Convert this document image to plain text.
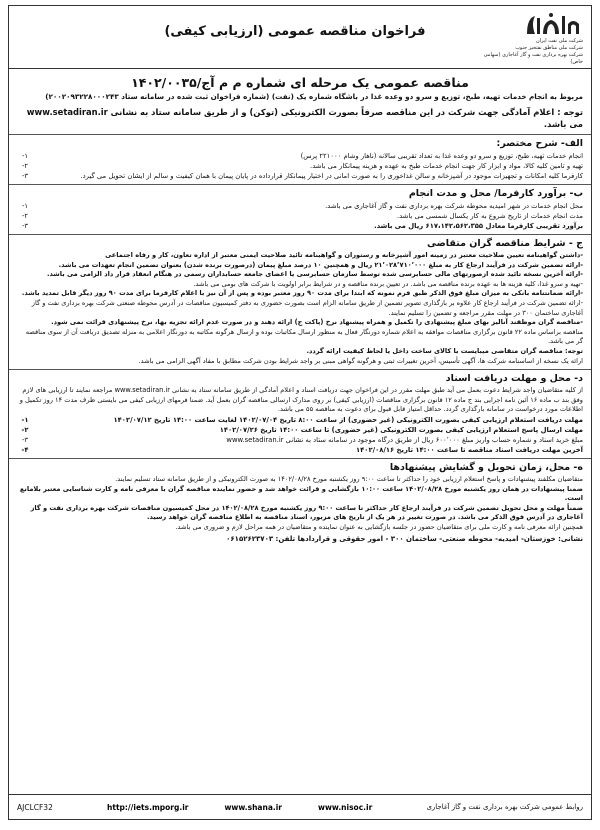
شرکت ملی نفت ایران
شرکت ملی مناطق نفتخیز جنوب
شرکت بهره برداری نفت و گاز آغاجاری (سهامی خاص)
فراخوان مناقصه عمومی (ارزیابی کیفی)
مناقصه عمومی یک مرحله ای شماره م م آج/۱۴۰۲/۰۰۳۵
مربوط به انجام خدمات تهیه، طبخ، توزیع و سرو دو وعده غذا در باشگاه شماره یک (نفت) (شماره فراخوان ثبت شده در سامانه ستاد ۲۰۰۲۰۹۳۲۲۸۰۰۰۲۴۳)
توجه : اعلام آمادگی جهت شرکت در این مناقصه صرفاً بصورت الکترونیکی (توکن) و از طریق سامانه ستاد به نشانی www.setadiran.ir می باشد.
الف- شرح مختصر:
۱-	انجام خدمات تهیه، طبخ، توزیع و سرو دو وعده غذا به تعداد تقریبی سالانه (ناهار وشام ۲۲۱۰۰۰ پرس)
۲-	تهیه و تامین کلیه کالا، مواد و ابزار کار جهت انجام خدمات طبخ به عهده و هزینه پیمانکار می باشد.
۳-	کارفرما کلیه امکانات و تجهیزات موجود در آشپزخانه و سالن غذاخوری را به صورت امانی در اختیار پیمانکار قرارداده در پایان پیمان با همان کیفیت و سالم از ایشان تحویل می گیرد.
ب- برآورد کارفرما/ محل و مدت انجام
۱-	محل انجام خدمات در شهر امیدیه محوطه شرکت بهره برداری نفت و گاز آغاجاری می باشد.
۲-	مدت انجام خدمات از تاریخ شروع به کار یکسال شمسی می باشد.
۳-	برآورد تقریبی کارفرما معادل ۶۱۷،۱۴۲،۵۶۲،۳۵۵ ریال می باشد.
ج - شرایط مناقصه گران متقاضی

-داشتن گواهینامه تعیین صلاحیت معتبر در زمینه امور آشپزخانه و رستوران و گواهینامه تائید صلاحیت ایمنی معتبر از اداره تعاون، کار و رفاه اجتماعی

-ارائه تضمین شرکت در فرآیند ارجاع کار به مبلغ ۲۱٬۰۲۸٬۷۱۰٬۰۰۰ ریال و همچنین ۱۰ درصد مبلغ پیمان (درصورت برنده شدن) بعنوان تضمین انجام تعهدات می باشد.

-ارائه آخرین نسخه تائید شده ازصورتهای مالی حسابرسی شده توسط سازمان حسابرسی یا اعضای جامعه حسابداران رسمی در هنگام انعقاد قرار داد الزامی می باشد.

-تهیه و سرو غذا، کلیه هزینه ها به عهده برنده مناقصه می باشد. در تعیین برنده مناقصه و در شرایط برابر اولویت با شرکت های بومی می باشد.

-ارائه ضمانتنامه بانکی به میزان مبلغ فوق الذکر طبق فرم نمونه که ابتدا برای مدت ۹۰ روز معتبر بوده و پس از آن نیز با اعلام کارفرما برای مدت ۹۰ روز دیگر قابل تمدید باشد.

-ارائه تضمین شرکت در فرآیند ارجاع کار علاوه بر بارگذاری تصویر تضمین از طریق سامانه الزام است بصورت حضوری به دفتر کمیسیون مناقصات در آدرس محوطه صنعتی شرکت بهره برداری نفت و گاز آغاجاری ساختمان ۳۰۰ در مهلت مقرر مراجعه و تضمین را تسلیم نمایند.

-مناقصه گران موظفند آنالیز بهای مبلغ پیشنهادی را تکمیل و همراه پیشنهاد نرخ (پاکت ج) ارائه دهند و در صورت عدم ارائه تجزیه بها، نرخ پیشنهادی قرائت نمی شود.

مناقصه براساس ماده ۲۲ قانون برگزاری مناقصات موافقه به اعلام شماره دورنگار فعال به منظور ارسال مکاتبات بوده و ارسال هرگونه مکاتبه به دورنگار اعلامی به منزله تصدیق دریافت آن از سوی مناقصه گر می باشد.

توجه: مناقصه گران متقاضی میبایست با کالای ساخت داخل یا لحاظ کیفیت ارائه گردد.

ارائه یک نسخه از اساسنامه شرکت ها، آگهی تأسیس، آخرین تغییرات ثبتی و هرگونه گواهی مبنی بر واجد شرایط بودن شرکت مطابق با مفاد آگهی الزامی می باشد.

د- محل و مهلت دریافت اسناد

از کلیه متقاضیان واجد شرایط دعوت بعمل می آید طبق مهلت مقرر در این فراخوان جهت دریافت اسناد و اعلام آمادگی از طریق سامانه ستاد به نشانی www.setadiran.ir مراجعه نمایند تا ارزیابی های لازم وفق بند ب ماده ۱۶ آئین نامه اجرایی بند ج ماده ۱۲ قانون برگزاری مناقصات (ارزیابی کیفی) بر روی مدارک ارسالی مناقصه گران بعمل آید. ضمنا فرمهای ارزیابی کیفی می بایستی ظرف مدت ۱۴ روز تکمیل و اطلاعات مورد درخواست در سامانه بارگذاری گردد. حداقل امتیاز قابل قبول برای دعوت به مناقصه ۵۵ می باشد.

۱-	مهلت دریافت استعلام ارزیابی کیفی بصورت الکترونیکی (غیر حضوری) از ساعت ۸:۰۰ تاریخ ۱۴۰۲/۰۷/۰۴ لغایت ساعت ۱۴:۰۰ تاریخ ۱۴۰۲/۰۷/۱۲
۲-	مهلت ارسال پاسخ استعلام ارزیابی کیفی بصورت الکترونیکی (غیر حضوری) تا ساعت ۱۴:۰۰ تاریخ ۱۴۰۲/۰۷/۲۶
۳-	مبلغ خرید اسناد و شماره حساب واریز مبلغ ۶۰۰٬۰۰۰ ریال از طریق درگاه موجود در سامانه ستاد به نشانی www.setadiran.ir
۴-	آخرین مهلت دریافت اسناد مناقصه تا ساعت ۱۴:۰۰ تاریخ ۱۴۰۲/۰۸/۱۶
ه- محل، زمان تحویل و گشایش پیشنهادها

متقاضیان مکلفند پیشنهادات و پاسخ استعلام ارزیابی خود را حداکثر تا ساعت ۹:۰۰ روز یکشنبه مورخ ۱۴۰۲/۰۸/۲۸ به صورت الکترونیکی و از طریق سامانه ستاد تسلیم نمایند.

ضمنا پیشنهادات در همان روز یکشنبه مورخ ۱۴۰۲/۰۸/۲۸ ساعت ۱۰:۰۰ بازگشایی و قرائت خواهد شد و حضور نماینده مناقصه گران با معرفی نامه و کارت شناسایی معتبر بلامانع است.

ضمناً مهلت و محل تحویل تضمین شرکت در فرآیند ارجاع کار حداکثر تا ساعت ۹:۰۰ روز یکشنبه مورخ ۱۴۰۲/۰۸/۲۸ در محل کمیسیون مناقصات شرکت بهره برداری نفت و گاز آغاجاری در آدرس فوق الذکر می باشد. در صورت تغییر در هر یک از تاریخ های مزبور، اسناد مناقصه به اطلاع مناقصه گران خواهد رسید.

همچنین ارائه معرفی نامه و کارت ملی برای متقاضیان حضور در جلسه بازگشایی به عنوان نماینده و متقاضیان در همه مراحل لازم و ضروری می باشد.

نشانی: خوزستان- امیدیه- محوطه صنعتی- ساختمان ۳۰۰ - امور حقوقی و قراردادها تلفن: ۰۶۱۵۲۶۲۳۷۰۳

AJCLCF32	http://iets.mporg.ir	www.shana.ir	www.nisoc.ir	روابط عمومی شرکت بهره برداری نفت و گاز آغاجاری
